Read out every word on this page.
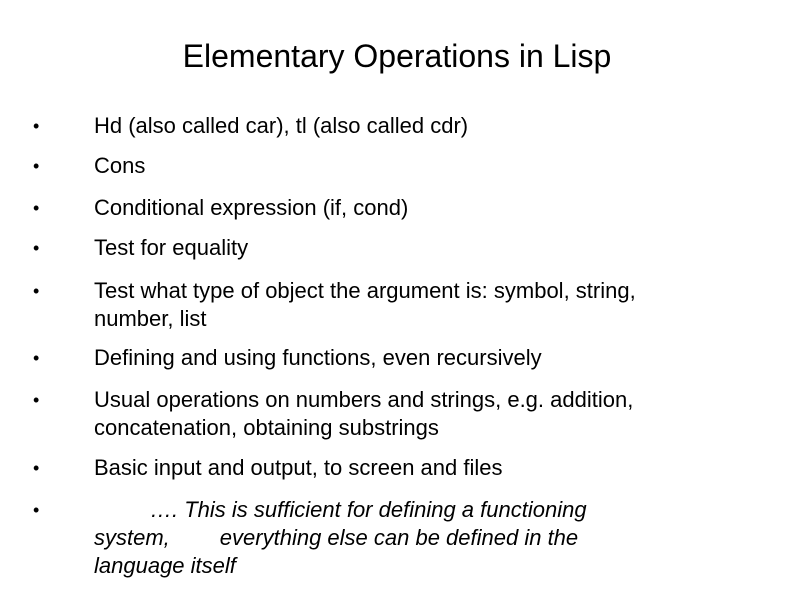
Elementary Operations in Lisp
• Hd (also called car), tl (also called cdr)
• Cons
• Conditional expression (if, cond)
• Test for equality
• Test what type of object the argument is: symbol, string,
number, list
• Defining and using functions, even recursively
• Usual operations on numbers and strings, e.g. addition,
concatenation, obtaining substrings
• Basic input and output, to screen and files
•	…. This is sufficient for defining a functioning
system, everything else can be defined in the
language itself
